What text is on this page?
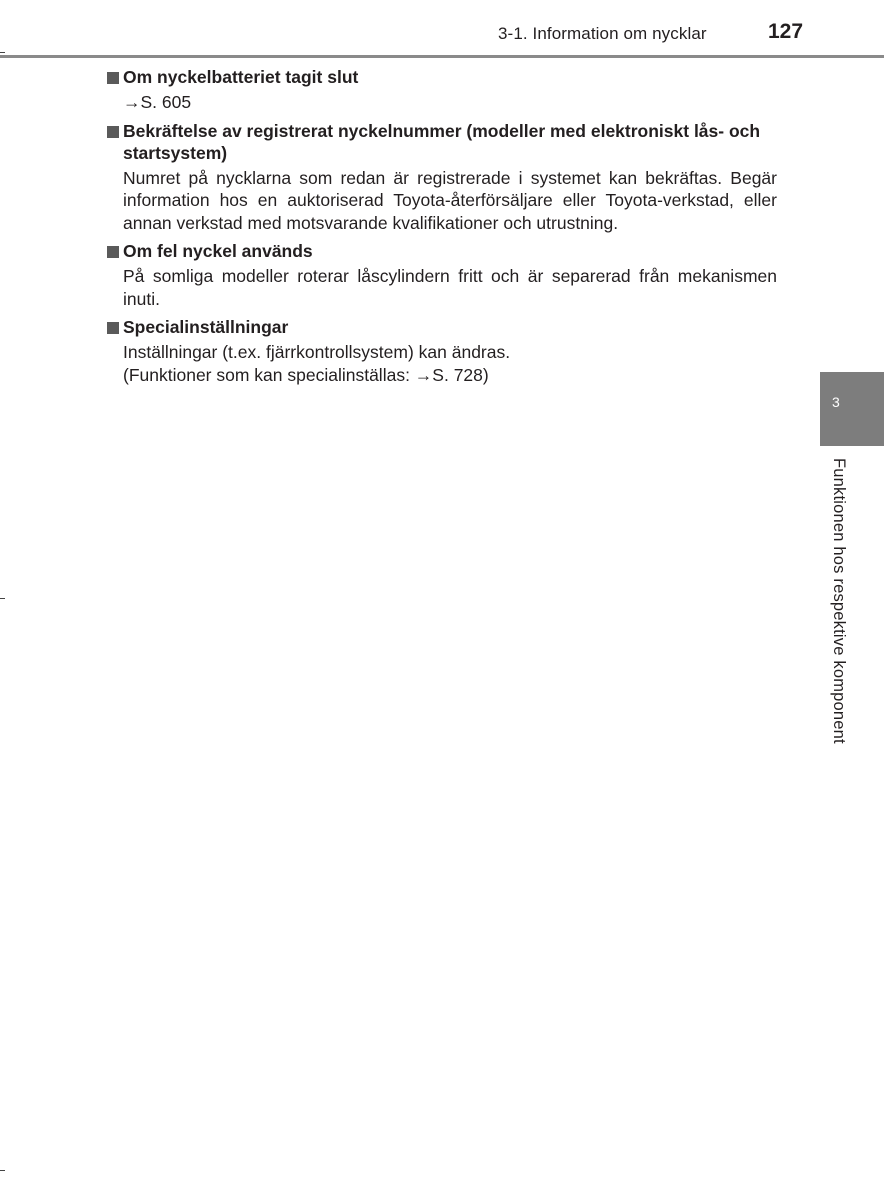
3-1. Information om nycklar	127
Om nyckelbatteriet tagit slut

→S. 605

Bekräftelse av registrerat nyckelnummer (modeller med elektroniskt lås- och startsystem)

Numret på nycklarna som redan är registrerade i systemet kan bekräftas. Begär information hos en auktoriserad Toyota-återförsäljare eller Toyota-verkstad, eller annan verkstad med motsvarande kvalifikationer och utrustning.

Om fel nyckel används

På somliga modeller roterar låscylindern fritt och är separerad från mekanismen inuti.

Specialinställningar

Inställningar (t.ex. fjärrkontrollsystem) kan ändras.

(Funktioner som kan specialinställas: →S. 728)

3
Funktionen hos respektive komponent
